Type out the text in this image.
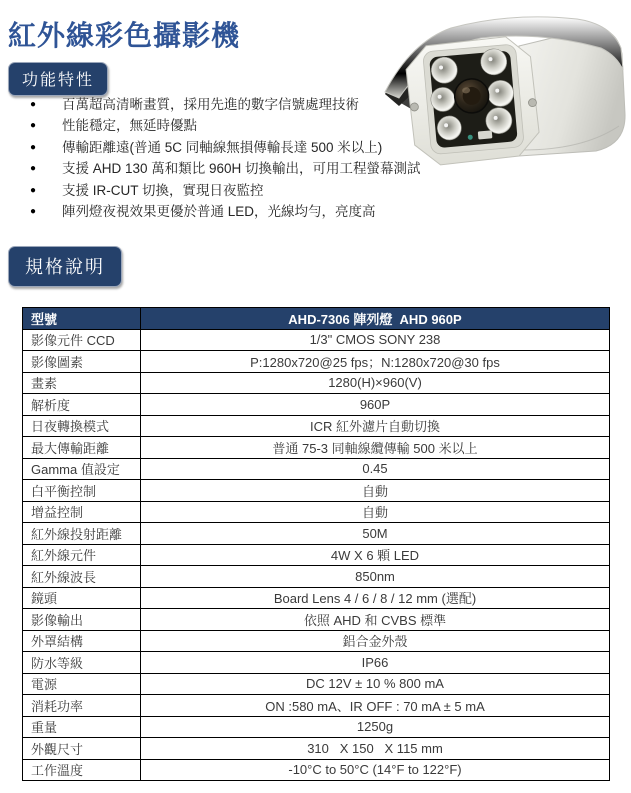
紅外線彩色攝影機
功能特性
● 百萬超高清晰畫質，採用先進的數字信號處理技術
● 性能穩定，無延時優點
● 傳輸距離遠(普通 5C 同軸線無損傳輸長達 500 米以上)
● 支援 AHD 130 萬和類比 960H 切換輸出，可用工程螢幕測試
● 支援 IR-CUT 切換，實現日夜監控
● 陣列燈夜視效果更優於普通 LED，光線均勻，亮度高
規格說明
型號	AHD-7306 陣列燈  AHD 960P
影像元件 CCD	1/3" CMOS SONY 238
影像圖素	P:1280x720@25 fps；N:1280x720@30 fps
畫素	1280(H)×960(V)
解析度	960P
日夜轉換模式	ICR 紅外濾片自動切換
最大傳輸距離	普通 75-3 同軸線纜傳輸 500 米以上
Gamma 值設定	0.45
白平衡控制	自動
增益控制	自動
紅外線投射距離	50M
紅外線元件	4W X 6 顆 LED
紅外線波長	850nm
鏡頭	Board Lens 4 / 6 / 8 / 12 mm (選配)
影像輸出	依照 AHD 和 CVBS 標準
外罩結構	鋁合金外殼
防水等級	IP66
電源	DC 12V ± 10 % 800 mA
消耗功率	ON :580 mA、IR OFF : 70 mA ± 5 mA
重量	1250g
外觀尺寸	310   X 150   X 115 mm
工作溫度	-10°C to 50°C (14°F to 122°F)
